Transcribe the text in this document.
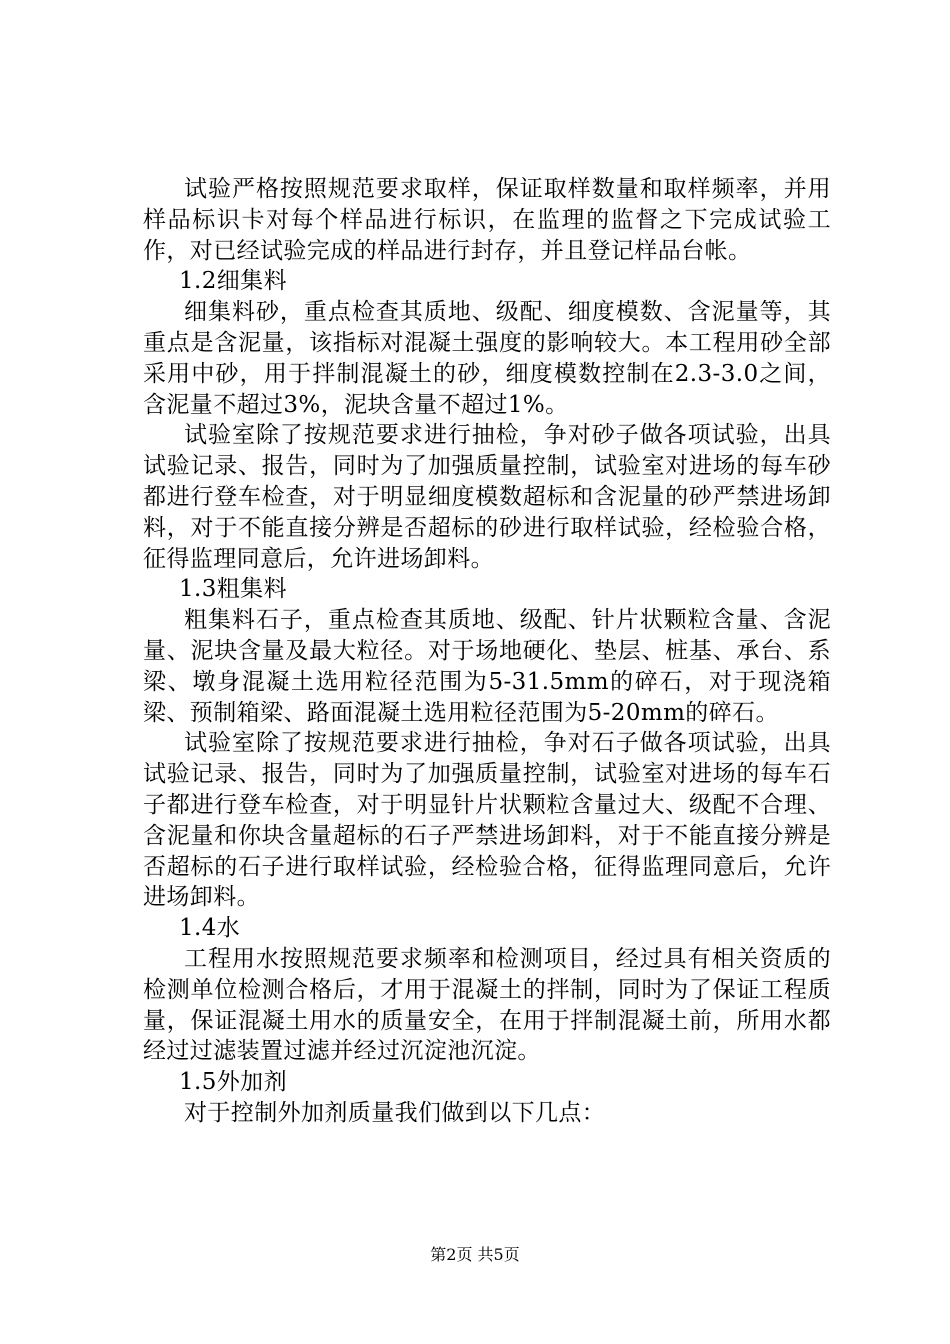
试验严格按照规范要求取样，保证取样数量和取样频率，并用样品标识卡对每个样品进行标识，在监理的监督之下完成试验工作，对已经试验完成的样品进行封存，并且登记样品台帐。

1.2细集料

细集料砂，重点检查其质地、级配、细度模数、含泥量等，其重点是含泥量，该指标对混凝土强度的影响较大。本工程用砂全部采用中砂，用于拌制混凝土的砂，细度模数控制在2.3-3.0之间，含泥量不超过3%，泥块含量不超过1%。

试验室除了按规范要求进行抽检，争对砂子做各项试验，出具试验记录、报告，同时为了加强质量控制，试验室对进场的每车砂都进行登车检查，对于明显细度模数超标和含泥量的砂严禁进场卸料，对于不能直接分辨是否超标的砂进行取样试验，经检验合格，征得监理同意后，允许进场卸料。

1.3粗集料

粗集料石子，重点检查其质地、级配、针片状颗粒含量、含泥量、泥块含量及最大粒径。对于场地硬化、垫层、桩基、承台、系梁、墩身混凝土选用粒径范围为5-31.5mm的碎石，对于现浇箱梁、预制箱梁、路面混凝土选用粒径范围为5-20mm的碎石。

试验室除了按规范要求进行抽检，争对石子做各项试验，出具试验记录、报告，同时为了加强质量控制，试验室对进场的每车石子都进行登车检查，对于明显针片状颗粒含量过大、级配不合理、含泥量和你块含量超标的石子严禁进场卸料，对于不能直接分辨是否超标的石子进行取样试验，经检验合格，征得监理同意后，允许进场卸料。

1.4水

工程用水按照规范要求频率和检测项目，经过具有相关资质的检测单位检测合格后，才用于混凝土的拌制，同时为了保证工程质量，保证混凝土用水的质量安全，在用于拌制混凝土前，所用水都经过过滤装置过滤并经过沉淀池沉淀。

1.5外加剂

对于控制外加剂质量我们做到以下几点：

第2页 共5页
